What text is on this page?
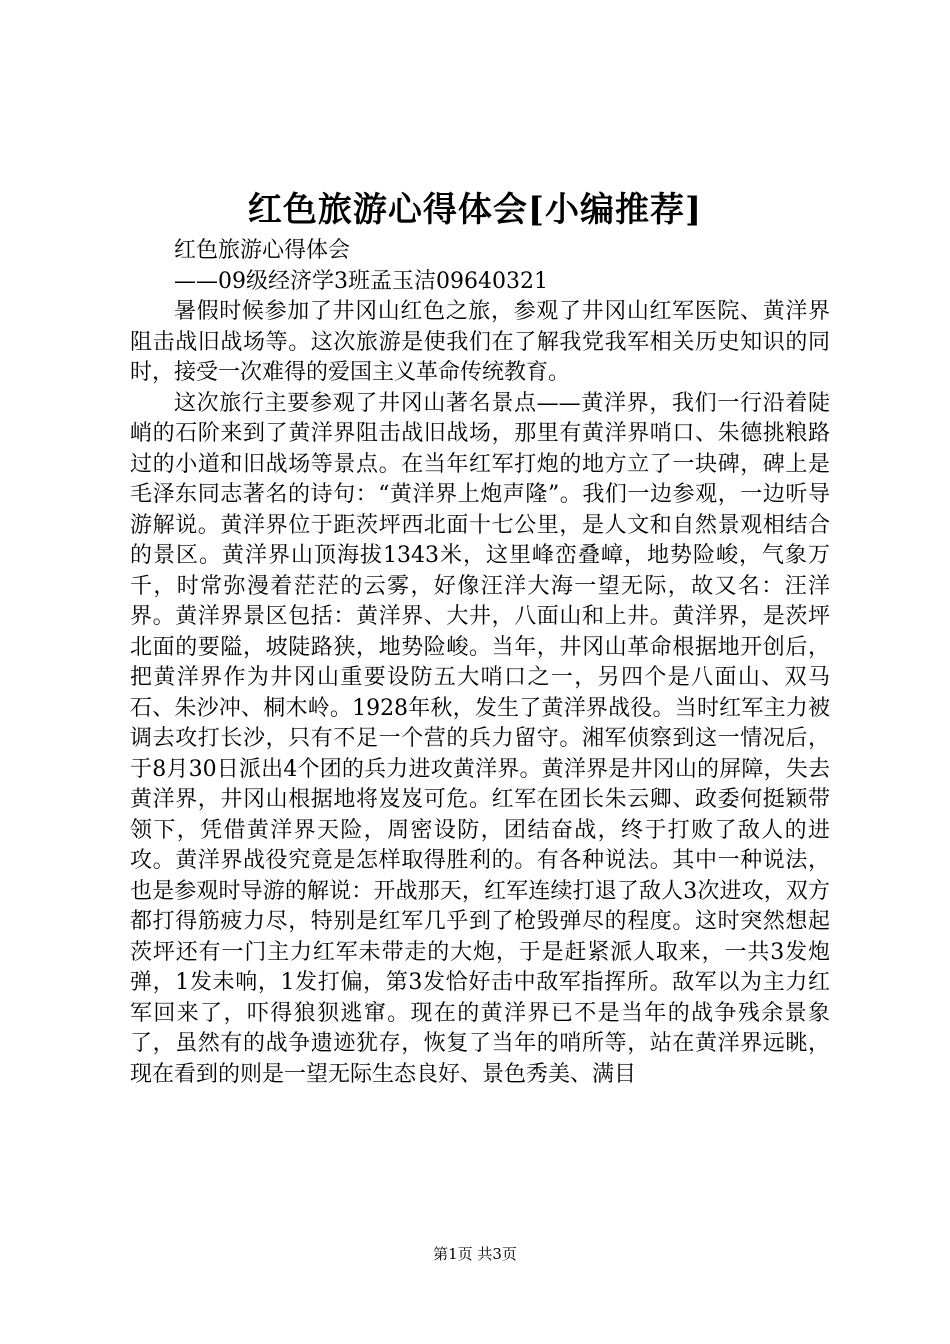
红色旅游心得体会[小编推荐]

红色旅游心得体会

——09级经济学3班孟玉洁09640321

暑假时候参加了井冈山红色之旅，参观了井冈山红军医院、黄洋界阻击战旧战场等。这次旅游是使我们在了解我党我军相关历史知识的同时，接受一次难得的爱国主义革命传统教育。

这次旅行主要参观了井冈山著名景点——黄洋界，我们一行沿着陡峭的石阶来到了黄洋界阻击战旧战场，那里有黄洋界哨口、朱德挑粮路过的小道和旧战场等景点。在当年红军打炮的地方立了一块碑，碑上是毛泽东同志著名的诗句：“黄洋界上炮声隆”。我们一边参观，一边听导游解说。黄洋界位于距茨坪西北面十七公里，是人文和自然景观相结合的景区。黄洋界山顶海拔1343米，这里峰峦叠嶂，地势险峻，气象万千，时常弥漫着茫茫的云雾，好像汪洋大海一望无际，故又名：汪洋界。黄洋界景区包括：黄洋界、大井，八面山和上井。黄洋界，是茨坪北面的要隘，坡陡路狭，地势险峻。当年，井冈山革命根据地开创后，把黄洋界作为井冈山重要设防五大哨口之一，另四个是八面山、双马石、朱沙冲、桐木岭。1928年秋，发生了黄洋界战役。当时红军主力被调去攻打长沙，只有不足一个营的兵力留守。湘军侦察到这一情况后，于8月30日派出4个团的兵力进攻黄洋界。黄洋界是井冈山的屏障，失去黄洋界，井冈山根据地将岌岌可危。红军在团长朱云卿、政委何挺颖带领下，凭借黄洋界天险，周密设防，团结奋战，终于打败了敌人的进攻。黄洋界战役究竟是怎样取得胜利的。有各种说法。其中一种说法，也是参观时导游的解说：开战那天，红军连续打退了敌人3次进攻，双方都打得筋疲力尽，特别是红军几乎到了枪毁弹尽的程度。这时突然想起茨坪还有一门主力红军未带走的大炮，于是赶紧派人取来，一共3发炮弹，1发未响，1发打偏，第3发恰好击中敌军指挥所。敌军以为主力红军回来了，吓得狼狈逃窜。现在的黄洋界已不是当年的战争残余景象了，虽然有的战争遗迹犹存，恢复了当年的哨所等，站在黄洋界远眺，现在看到的则是一望无际生态良好、景色秀美、满目

第1页 共3页
